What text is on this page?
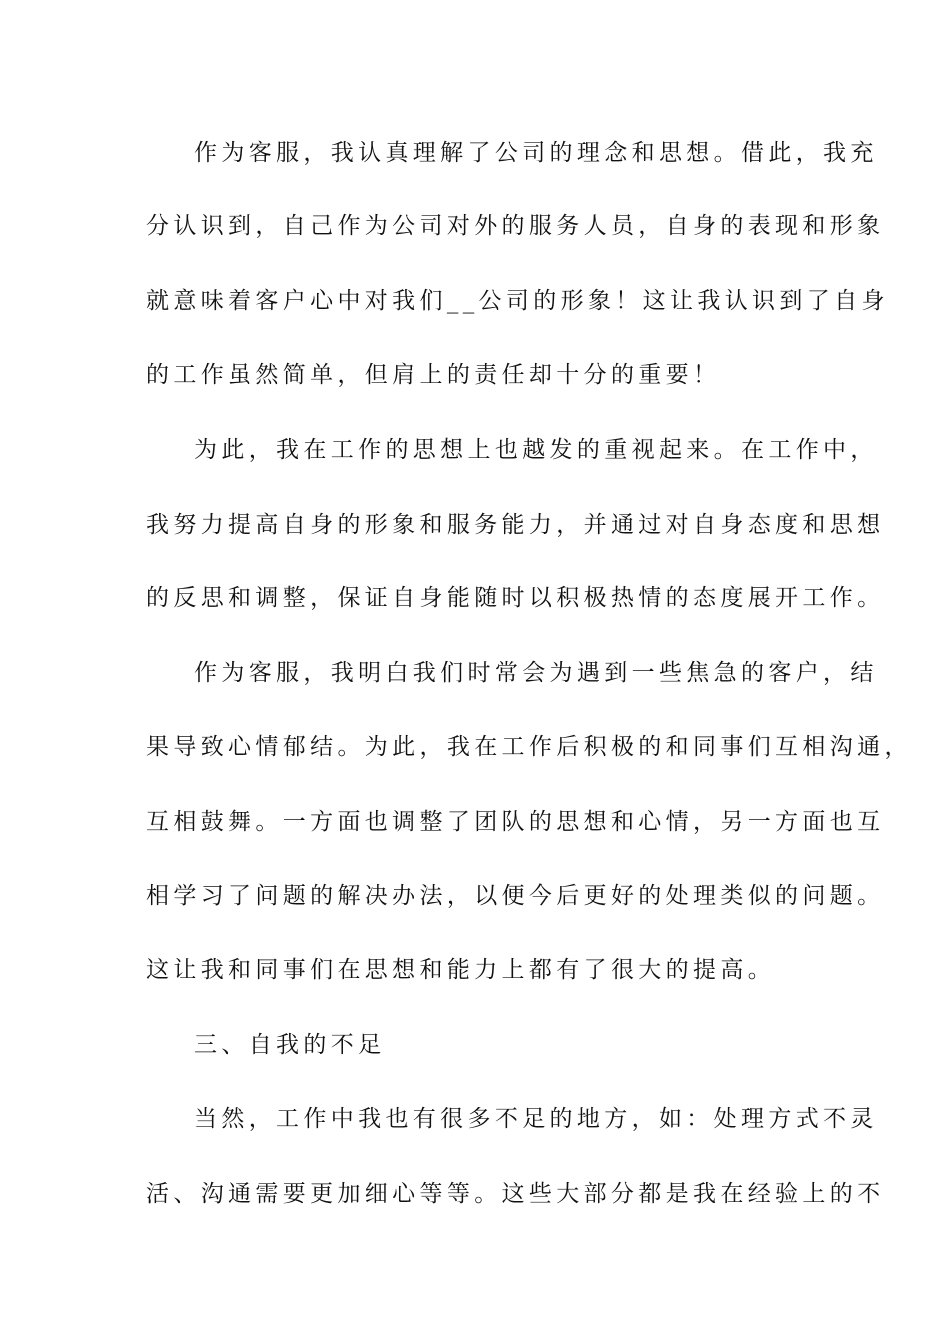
作为客服，我认真理解了公司的理念和思想。借此，我充
分认识到，自己作为公司对外的服务人员，自身的表现和形象
就意味着客户心中对我们__公司的形象！这让我认识到了自身
的工作虽然简单，但肩上的责任却十分的重要！
为此，我在工作的思想上也越发的重视起来。在工作中，
我努力提高自身的形象和服务能力，并通过对自身态度和思想
的反思和调整，保证自身能随时以积极热情的态度展开工作。
作为客服，我明白我们时常会为遇到一些焦急的客户，结
果导致心情郁结。为此，我在工作后积极的和同事们互相沟通，
互相鼓舞。一方面也调整了团队的思想和心情，另一方面也互
相学习了问题的解决办法，以便今后更好的处理类似的问题。
这让我和同事们在思想和能力上都有了很大的提高。
三、自我的不足
当然，工作中我也有很多不足的地方，如：处理方式不灵
活、沟通需要更加细心等等。这些大部分都是我在经验上的不
